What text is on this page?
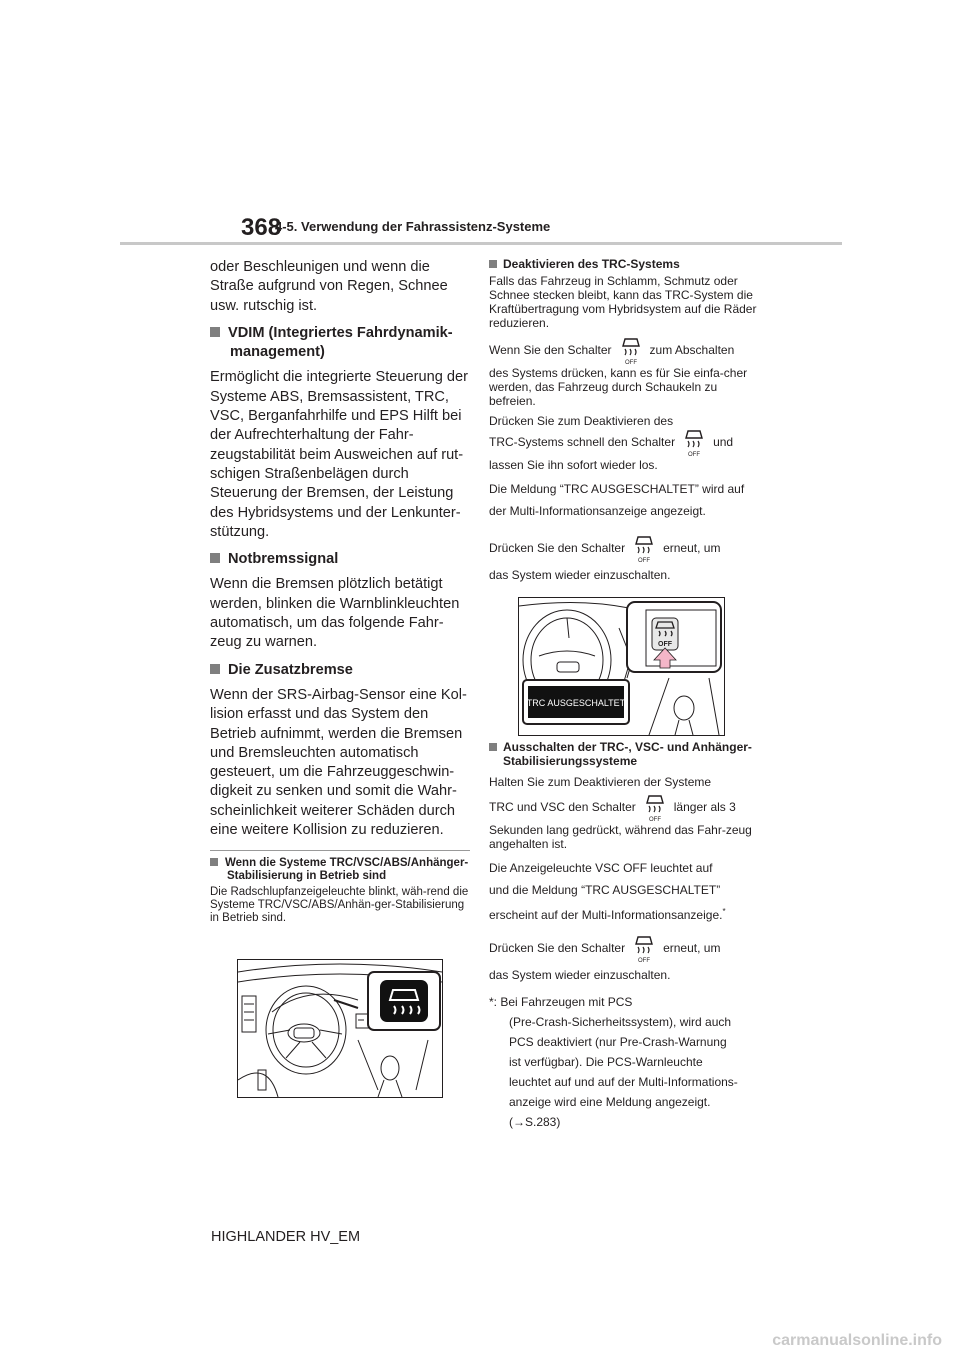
368
4-5. Verwendung der Fahrassistenz-Systeme

oder Beschleunigen und wenn die Straße aufgrund von Regen, Schnee usw. rutschig ist.

VDIM (Integriertes Fahrdynamik-management)

Ermöglicht die integrierte Steuerung der Systeme ABS, Bremsassistent, TRC, VSC, Berganfahrhilfe und EPS Hilft bei der Aufrechterhaltung der Fahr-zeugstabilität beim Ausweichen auf rut-schigen Straßenbelägen durch Steuerung der Bremsen, der Leistung des Hybridsystems und der Lenkunter-stützung.

Notbremssignal

Wenn die Bremsen plötzlich betätigt werden, blinken die Warnblinkleuchten automatisch, um das folgende Fahr-zeug zu warnen.

Die Zusatzbremse

Wenn der SRS-Airbag-Sensor eine Kol-lision erfasst und das System den Betrieb aufnimmt, werden die Bremsen und Bremsleuchten automatisch gesteuert, um die Fahrzeuggeschwin-digkeit zu senken und somit die Wahr-scheinlichkeit weiterer Schäden durch eine weitere Kollision zu reduzieren.

Wenn die Systeme TRC/VSC/ABS/Anhänger-Stabilisierung in Betrieb sind

Die Radschlupfanzeigeleuchte blinkt, wäh-rend die Systeme TRC/VSC/ABS/Anhän-ger-Stabilisierung in Betrieb sind.

Deaktivieren des TRC-Systems

Falls das Fahrzeug in Schlamm, Schmutz oder Schnee stecken bleibt, kann das TRC-System die Kraftübertragung vom Hybridsystem auf die Räder reduzieren.

Wenn Sie den Schalter
OFF
zum Abschalten
des Systems drücken, kann es für Sie einfa-cher werden, das Fahrzeug durch Schaukeln zu befreien.

Drücken Sie zum Deaktivieren des
TRC-Systems schnell den Schalter
OFF
und
lassen Sie ihn sofort wieder los.

Die Meldung “TRC AUSGESCHALTET” wird auf der Multi-Informationsanzeige angezeigt.

Drücken Sie den Schalter
OFF
erneut, um
das System wieder einzuschalten.

OFF
TRC AUSGESCHALTET

Ausschalten der TRC-, VSC- und Anhänger-Stabilisierungssysteme

Halten Sie zum Deaktivieren der Systeme
TRC und VSC den Schalter
OFF
länger als 3
Sekunden lang gedrückt, während das Fahr-zeug angehalten ist.

Die Anzeigeleuchte VSC OFF leuchtet auf
und die Meldung “TRC AUSGESCHALTET”
erscheint auf der Multi-Informationsanzeige.*

Drücken Sie den Schalter
OFF
erneut, um
das System wieder einzuschalten.

*: Bei Fahrzeugen mit PCS

(Pre-Crash-Sicherheitssystem), wird auch

PCS deaktiviert (nur Pre-Crash-Warnung

ist verfügbar). Die PCS-Warnleuchte

leuchtet auf und auf der Multi-Informations-

anzeige wird eine Meldung angezeigt.

(→S.283)

HIGHLANDER HV_EM
carmanualsonline.info
